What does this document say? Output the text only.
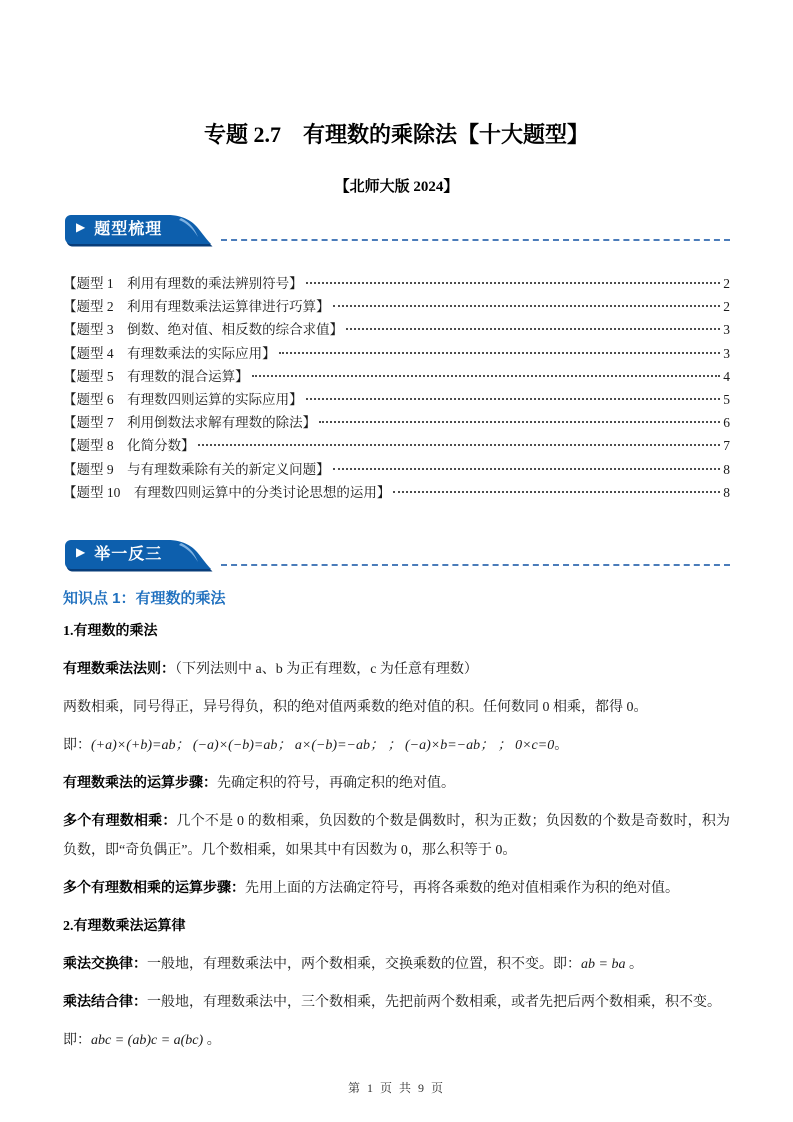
专题 2.7　有理数的乘除法【十大题型】
【北师大版 2024】
▶ 题型梳理
【题型 1　利用有理数的乘法辨别符号】	2
【题型 2　利用有理数乘法运算律进行巧算】	2
【题型 3　倒数、绝对值、相反数的综合求值】	3
【题型 4　有理数乘法的实际应用】	3
【题型 5　有理数的混合运算】	4
【题型 6　有理数四则运算的实际应用】	5
【题型 7　利用倒数法求解有理数的除法】	6
【题型 8　化简分数】	7
【题型 9　与有理数乘除有关的新定义问题】	8
【题型 10　有理数四则运算中的分类讨论思想的运用】	8
▶ 举一反三
知识点 1：有理数的乘法

1.有理数的乘法

有理数乘法法则：（下列法则中 a、b 为正有理数，c 为任意有理数）

两数相乘，同号得正，异号得负，积的绝对值两乘数的绝对值的积。任何数同 0 相乘，都得 0。

即：(+a)×(+b)=ab； (−a)×(−b)=ab； a×(−b)=−ab； ； (−a)×b=−ab； ； 0×c=0。

有理数乘法的运算步骤：先确定积的符号，再确定积的绝对值。

多个有理数相乘：几个不是 0 的数相乘，负因数的个数是偶数时，积为正数；负因数的个数是奇数时，积为负数，即“奇负偶正”。几个数相乘，如果其中有因数为 0，那么积等于 0。

多个有理数相乘的运算步骤：先用上面的方法确定符号，再将各乘数的绝对值相乘作为积的绝对值。

2.有理数乘法运算律

乘法交换律：一般地，有理数乘法中，两个数相乘，交换乘数的位置，积不变。即：ab = ba 。

乘法结合律：一般地，有理数乘法中，三个数相乘，先把前两个数相乘，或者先把后两个数相乘，积不变。

即：abc = (ab)c = a(bc) 。

第 1 页 共 9 页
